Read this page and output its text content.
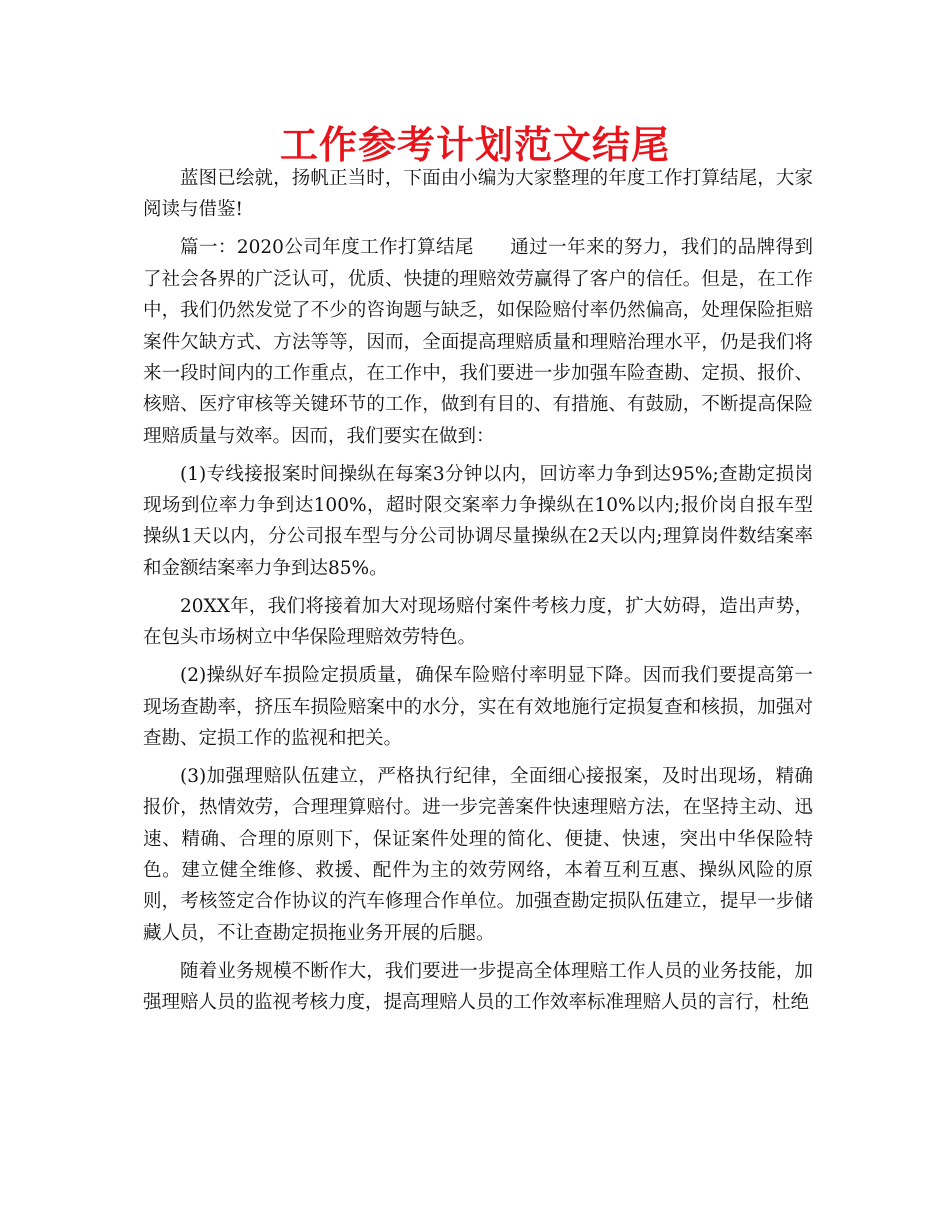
工作参考计划范文结尾

蓝图已绘就，扬帆正当时，下面由小编为大家整理的年度工作打算结尾，大家阅读与借鉴!

篇一：2020公司年度工作打算结尾 通过一年来的努力，我们的品牌得到了社会各界的广泛认可，优质、快捷的理赔效劳赢得了客户的信任。但是，在工作中，我们仍然发觉了不少的咨询题与缺乏，如保险赔付率仍然偏高，处理保险拒赔案件欠缺方式、方法等等，因而，全面提高理赔质量和理赔治理水平，仍是我们将来一段时间内的工作重点，在工作中，我们要进一步加强车险查勘、定损、报价、核赔、医疗审核等关键环节的工作，做到有目的、有措施、有鼓励，不断提高保险理赔质量与效率。因而，我们要实在做到：

(1)专线接报案时间操纵在每案3分钟以内，回访率力争到达95%;查勘定损岗现场到位率力争到达100%，超时限交案率力争操纵在10%以内;报价岗自报车型操纵1天以内，分公司报车型与分公司协调尽量操纵在2天以内;理算岗件数结案率和金额结案率力争到达85%。

20XX年，我们将接着加大对现场赔付案件考核力度，扩大妨碍，造出声势，在包头市场树立中华保险理赔效劳特色。

(2)操纵好车损险定损质量，确保车险赔付率明显下降。因而我们要提高第一现场查勘率，挤压车损险赔案中的水分，实在有效地施行定损复查和核损，加强对查勘、定损工作的监视和把关。

(3)加强理赔队伍建立，严格执行纪律，全面细心接报案，及时出现场，精确报价，热情效劳，合理理算赔付。进一步完善案件快速理赔方法，在坚持主动、迅速、精确、合理的原则下，保证案件处理的简化、便捷、快速，突出中华保险特色。建立健全维修、救援、配件为主的效劳网络，本着互利互惠、操纵风险的原则，考核签定合作协议的汽车修理合作单位。加强查勘定损队伍建立，提早一步储藏人员，不让查勘定损拖业务开展的后腿。

随着业务规模不断作大，我们要进一步提高全体理赔工作人员的业务技能，加强理赔人员的监视考核力度，提高理赔人员的工作效率标准理赔人员的言行，杜绝
